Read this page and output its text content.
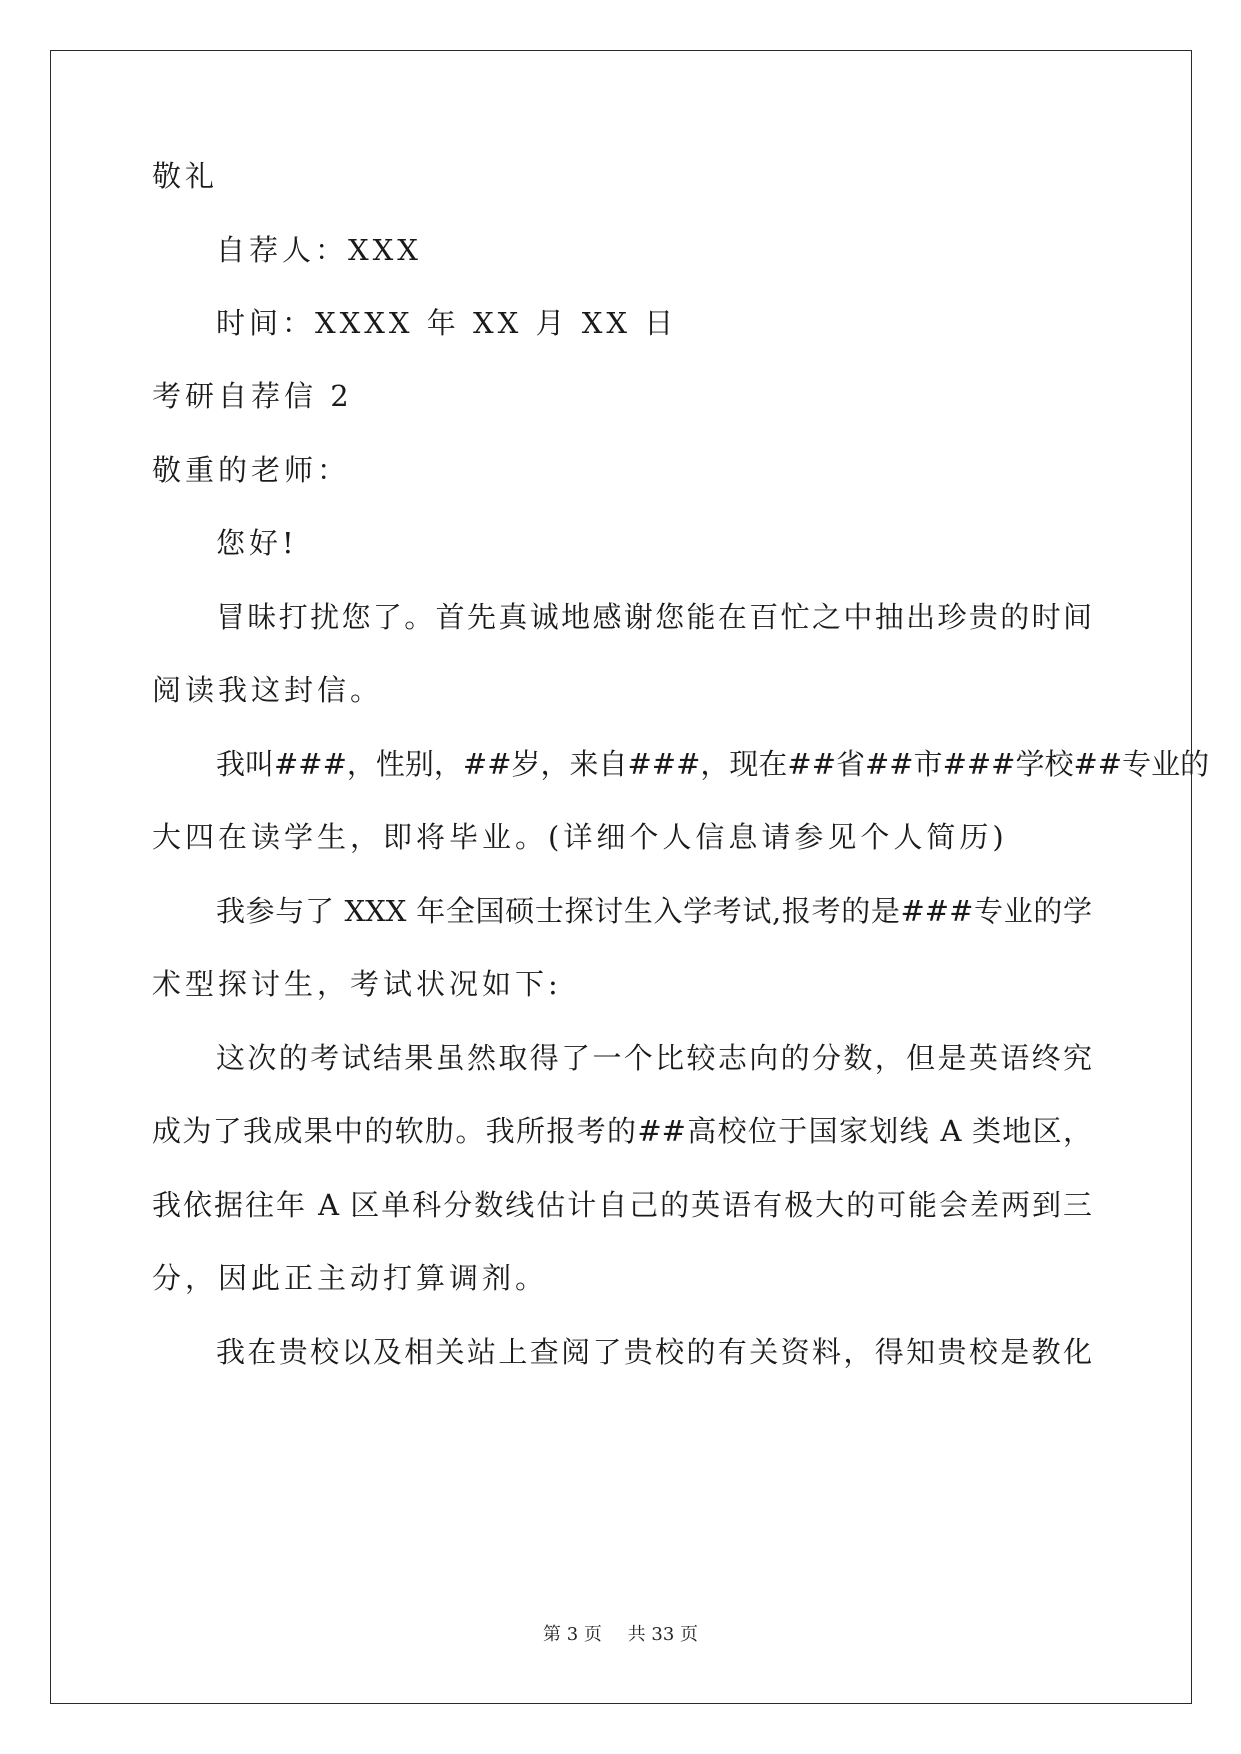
敬礼
自荐人：XXX
时间：XXXX 年 XX 月 XX 日
考研自荐信 2
敬重的老师：
您好!
冒昧打扰您了。首先真诚地感谢您能在百忙之中抽出珍贵的时间
阅读我这封信。
我叫###，性别，##岁，来自###，现在##省##市###学校##专业的
大四在读学生，即将毕业。(详细个人信息请参见个人简历)
我参与了 XXX 年全国硕士探讨生入学考试,报考的是###专业的学
术型探讨生，考试状况如下:
这次的考试结果虽然取得了一个比较志向的分数，但是英语终究
成为了我成果中的软肋。我所报考的##高校位于国家划线 A 类地区，
我依据往年 A 区单科分数线估计自己的英语有极大的可能会差两到三
分，因此正主动打算调剂。
我在贵校以及相关站上查阅了贵校的有关资料，得知贵校是教化
第 3 页 共 33 页
